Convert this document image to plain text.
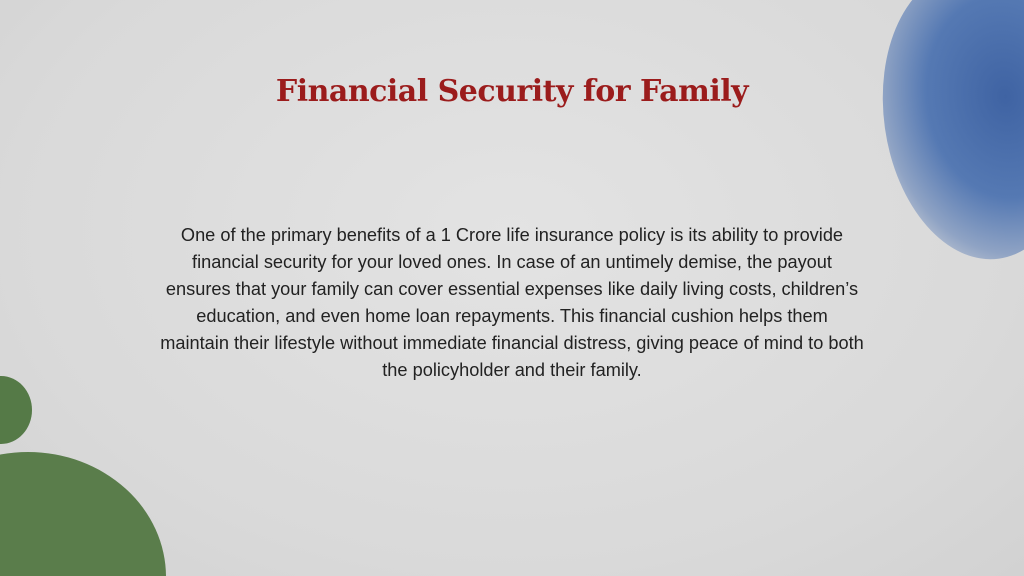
Financial Security for Family

One of the primary benefits of a 1 Crore life insurance policy is its ability to provide financial security for your loved ones. In case of an untimely demise, the payout ensures that your family can cover essential expenses like daily living costs, children’s education, and even home loan repayments. This financial cushion helps them maintain their lifestyle without immediate financial distress, giving peace of mind to both the policyholder and their family.
